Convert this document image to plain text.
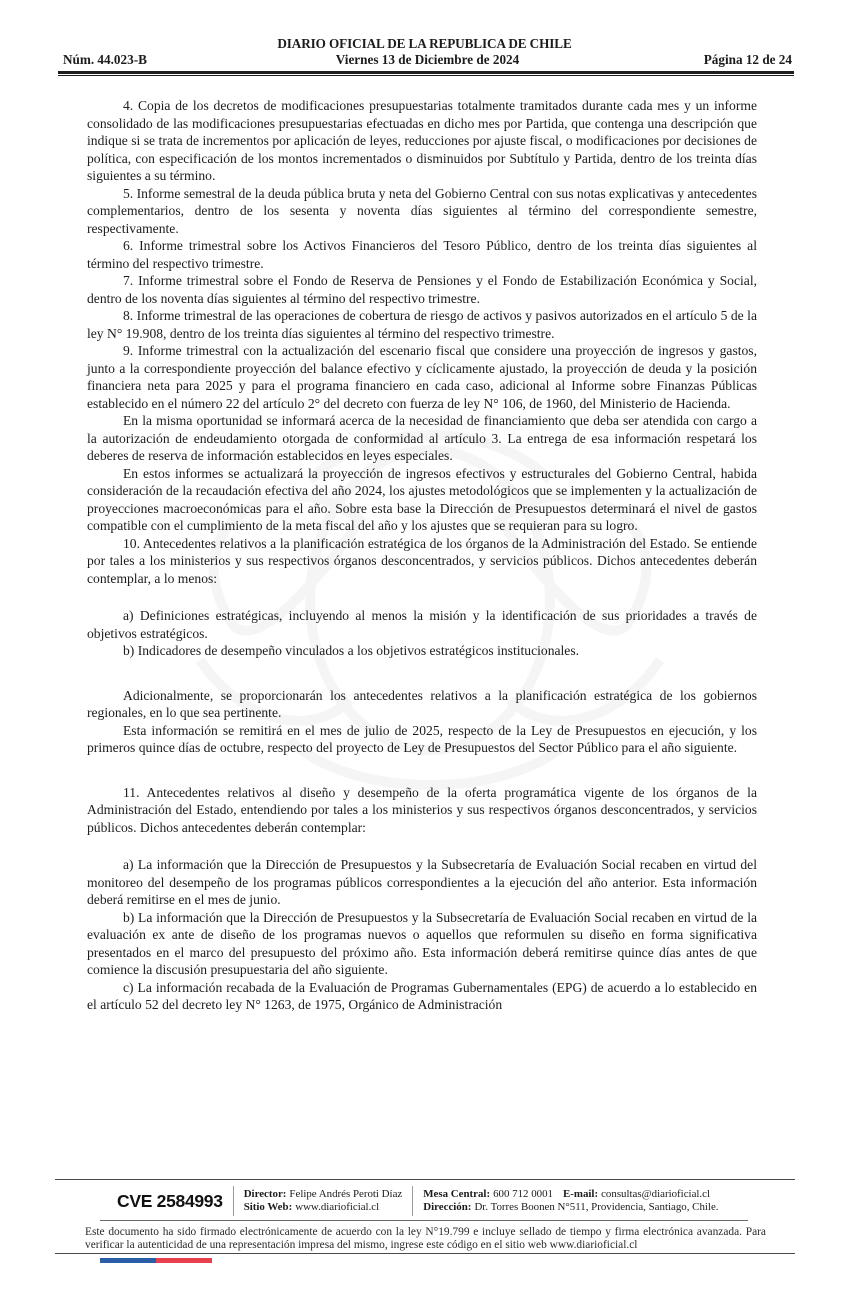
DIARIO OFICIAL DE LA REPUBLICA DE CHILE
Núm. 44.023-B	Viernes 13 de Diciembre de 2024	Página 12 de 24

4. Copia de los decretos de modificaciones presupuestarias totalmente tramitados durante cada mes y un informe consolidado de las modificaciones presupuestarias efectuadas en dicho mes por Partida, que contenga una descripción que indique si se trata de incrementos por aplicación de leyes, reducciones por ajuste fiscal, o modificaciones por decisiones de política, con especificación de los montos incrementados o disminuidos por Subtítulo y Partida, dentro de los treinta días siguientes a su término.

5. Informe semestral de la deuda pública bruta y neta del Gobierno Central con sus notas explicativas y antecedentes complementarios, dentro de los sesenta y noventa días siguientes al término del correspondiente semestre, respectivamente.

6. Informe trimestral sobre los Activos Financieros del Tesoro Público, dentro de los treinta días siguientes al término del respectivo trimestre.

7. Informe trimestral sobre el Fondo de Reserva de Pensiones y el Fondo de Estabilización Económica y Social, dentro de los noventa días siguientes al término del respectivo trimestre.

8. Informe trimestral de las operaciones de cobertura de riesgo de activos y pasivos autorizados en el artículo 5 de la ley N° 19.908, dentro de los treinta días siguientes al término del respectivo trimestre.

9. Informe trimestral con la actualización del escenario fiscal que considere una proyección de ingresos y gastos, junto a la correspondiente proyección del balance efectivo y cíclicamente ajustado, la proyección de deuda y la posición financiera neta para 2025 y para el programa financiero en cada caso, adicional al Informe sobre Finanzas Públicas establecido en el número 22 del artículo 2° del decreto con fuerza de ley N° 106, de 1960, del Ministerio de Hacienda.

En la misma oportunidad se informará acerca de la necesidad de financiamiento que deba ser atendida con cargo a la autorización de endeudamiento otorgada de conformidad al artículo 3. La entrega de esa información respetará los deberes de reserva de información establecidos en leyes especiales.

En estos informes se actualizará la proyección de ingresos efectivos y estructurales del Gobierno Central, habida consideración de la recaudación efectiva del año 2024, los ajustes metodológicos que se implementen y la actualización de proyecciones macroeconómicas para el año. Sobre esta base la Dirección de Presupuestos determinará el nivel de gastos compatible con el cumplimiento de la meta fiscal del año y los ajustes que se requieran para su logro.

10. Antecedentes relativos a la planificación estratégica de los órganos de la Administración del Estado. Se entiende por tales a los ministerios y sus respectivos órganos desconcentrados, y servicios públicos. Dichos antecedentes deberán contemplar, a lo menos:

a) Definiciones estratégicas, incluyendo al menos la misión y la identificación de sus prioridades a través de objetivos estratégicos.

b) Indicadores de desempeño vinculados a los objetivos estratégicos institucionales.

Adicionalmente, se proporcionarán los antecedentes relativos a la planificación estratégica de los gobiernos regionales, en lo que sea pertinente.

Esta información se remitirá en el mes de julio de 2025, respecto de la Ley de Presupuestos en ejecución, y los primeros quince días de octubre, respecto del proyecto de Ley de Presupuestos del Sector Público para el año siguiente.

11. Antecedentes relativos al diseño y desempeño de la oferta programática vigente de los órganos de la Administración del Estado, entendiendo por tales a los ministerios y sus respectivos órganos desconcentrados, y servicios públicos. Dichos antecedentes deberán contemplar:

a) La información que la Dirección de Presupuestos y la Subsecretaría de Evaluación Social recaben en virtud del monitoreo del desempeño de los programas públicos correspondientes a la ejecución del año anterior. Esta información deberá remitirse en el mes de junio.

b) La información que la Dirección de Presupuestos y la Subsecretaría de Evaluación Social recaben en virtud de la evaluación ex ante de diseño de los programas nuevos o aquellos que reformulen su diseño en forma significativa presentados en el marco del presupuesto del próximo año. Esta información deberá remitirse quince días antes de que comience la discusión presupuestaria del año siguiente.

c) La información recabada de la Evaluación de Programas Gubernamentales (EPG) de acuerdo a lo establecido en el artículo 52 del decreto ley N° 1263, de 1975, Orgánico de Administración

CVE 2584993 Director: Felipe Andrés Peroti Díaz
Sitio Web: www.diarioficial.cl
Mesa Central: 600 712 0001 E-mail: consultas@diarioficial.cl
Dirección: Dr. Torres Boonen N°511, Providencia, Santiago, Chile.
Este documento ha sido firmado electrónicamente de acuerdo con la ley N°19.799 e incluye sellado de tiempo y firma electrónica avanzada. Para verificar la autenticidad de una representación impresa del mismo, ingrese este código en el sitio web www.diarioficial.cl
